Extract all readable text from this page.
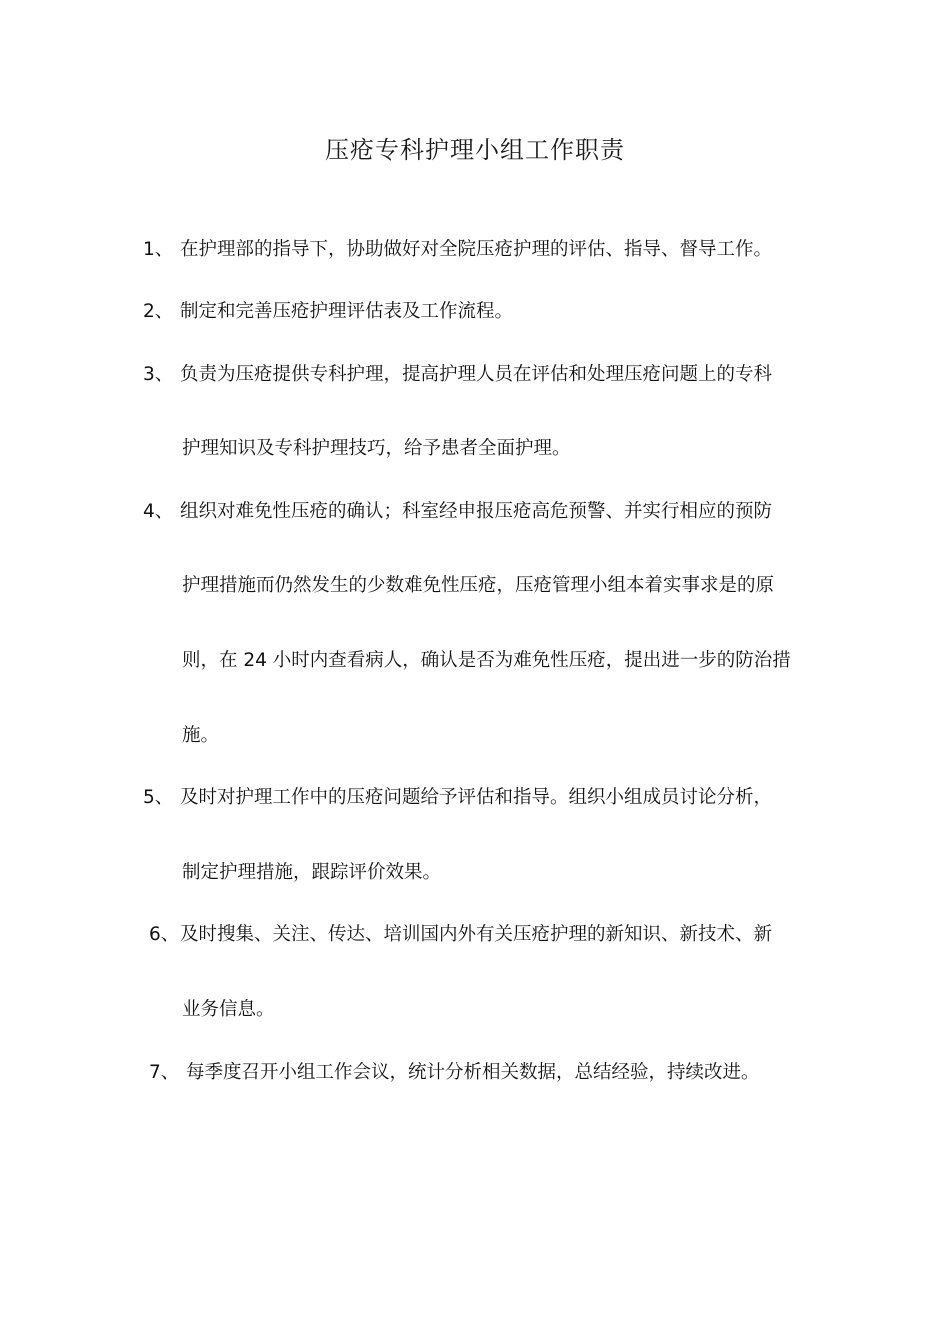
压疮专科护理小组工作职责
1、 在护理部的指导下，协助做好对全院压疮护理的评估、指导、督导工作。
2、 制定和完善压疮护理评估表及工作流程。
3、 负责为压疮提供专科护理，提高护理人员在评估和处理压疮问题上的专科
护理知识及专科护理技巧，给予患者全面护理。
4、 组织对难免性压疮的确认；科室经申报压疮高危预警、并实行相应的预防
护理措施而仍然发生的少数难免性压疮，压疮管理小组本着实事求是的原
则，在 24 小时内查看病人，确认是否为难免性压疮，提出进一步的防治措
施。
5、 及时对护理工作中的压疮问题给予评估和指导。组织小组成员讨论分析，
制定护理措施，跟踪评价效果。
6、 及时搜集、关注、传达、培训国内外有关压疮护理的新知识、新技术、新
业务信息。
7、 每季度召开小组工作会议，统计分析相关数据，总结经验，持续改进。
